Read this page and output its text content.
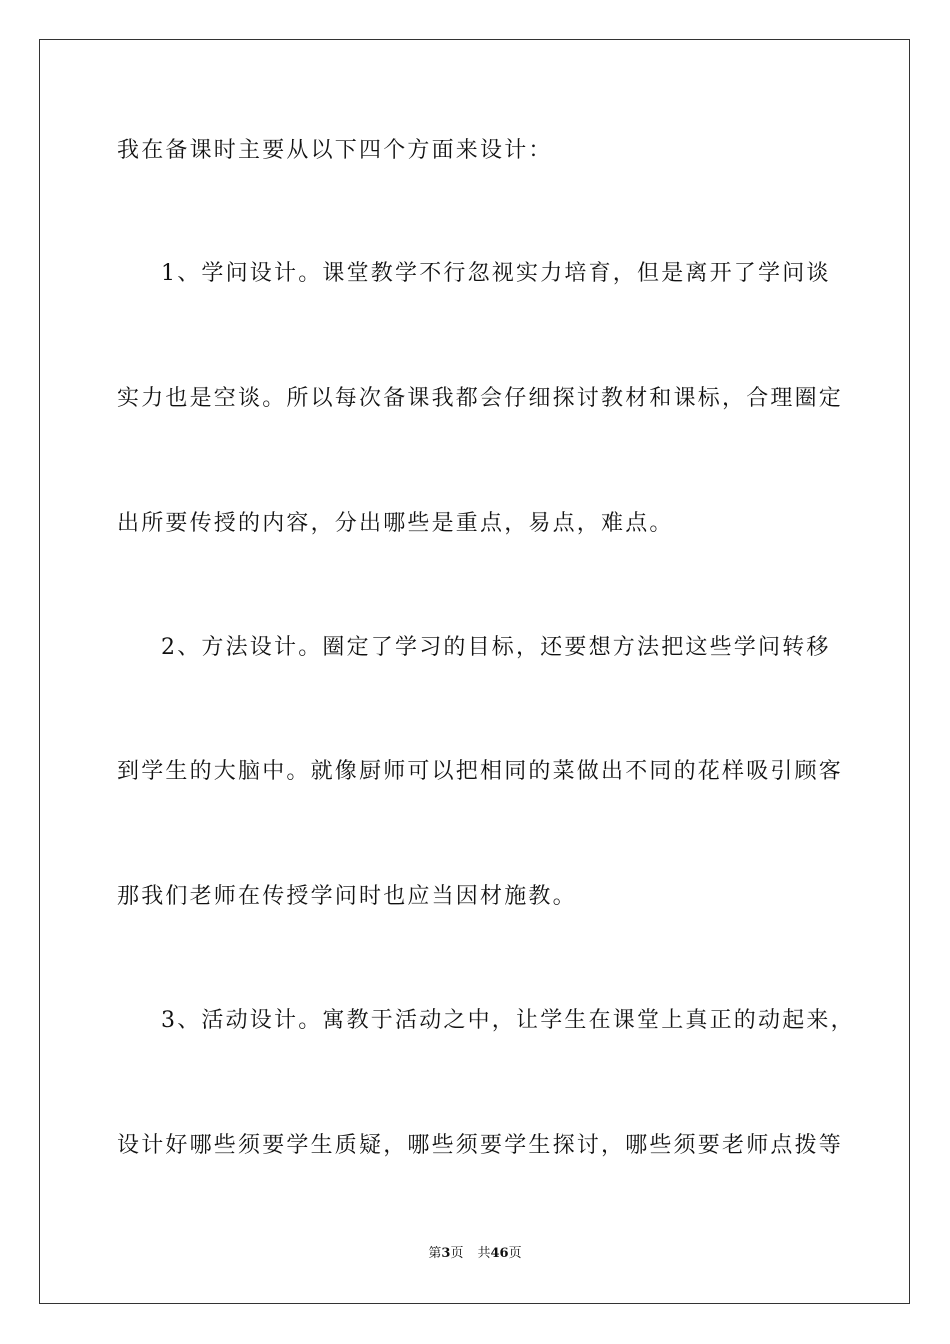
我在备课时主要从以下四个方面来设计：
1、学问设计。课堂教学不行忽视实力培育，但是离开了学问谈
实力也是空谈。所以每次备课我都会仔细探讨教材和课标，合理圈定
出所要传授的内容，分出哪些是重点，易点，难点。
2、方法设计。圈定了学习的目标，还要想方法把这些学问转移
到学生的大脑中。就像厨师可以把相同的菜做出不同的花样吸引顾客
那我们老师在传授学问时也应当因材施教。
3、活动设计。寓教于活动之中，让学生在课堂上真正的动起来，
设计好哪些须要学生质疑，哪些须要学生探讨，哪些须要老师点拨等
第3页 共46页
